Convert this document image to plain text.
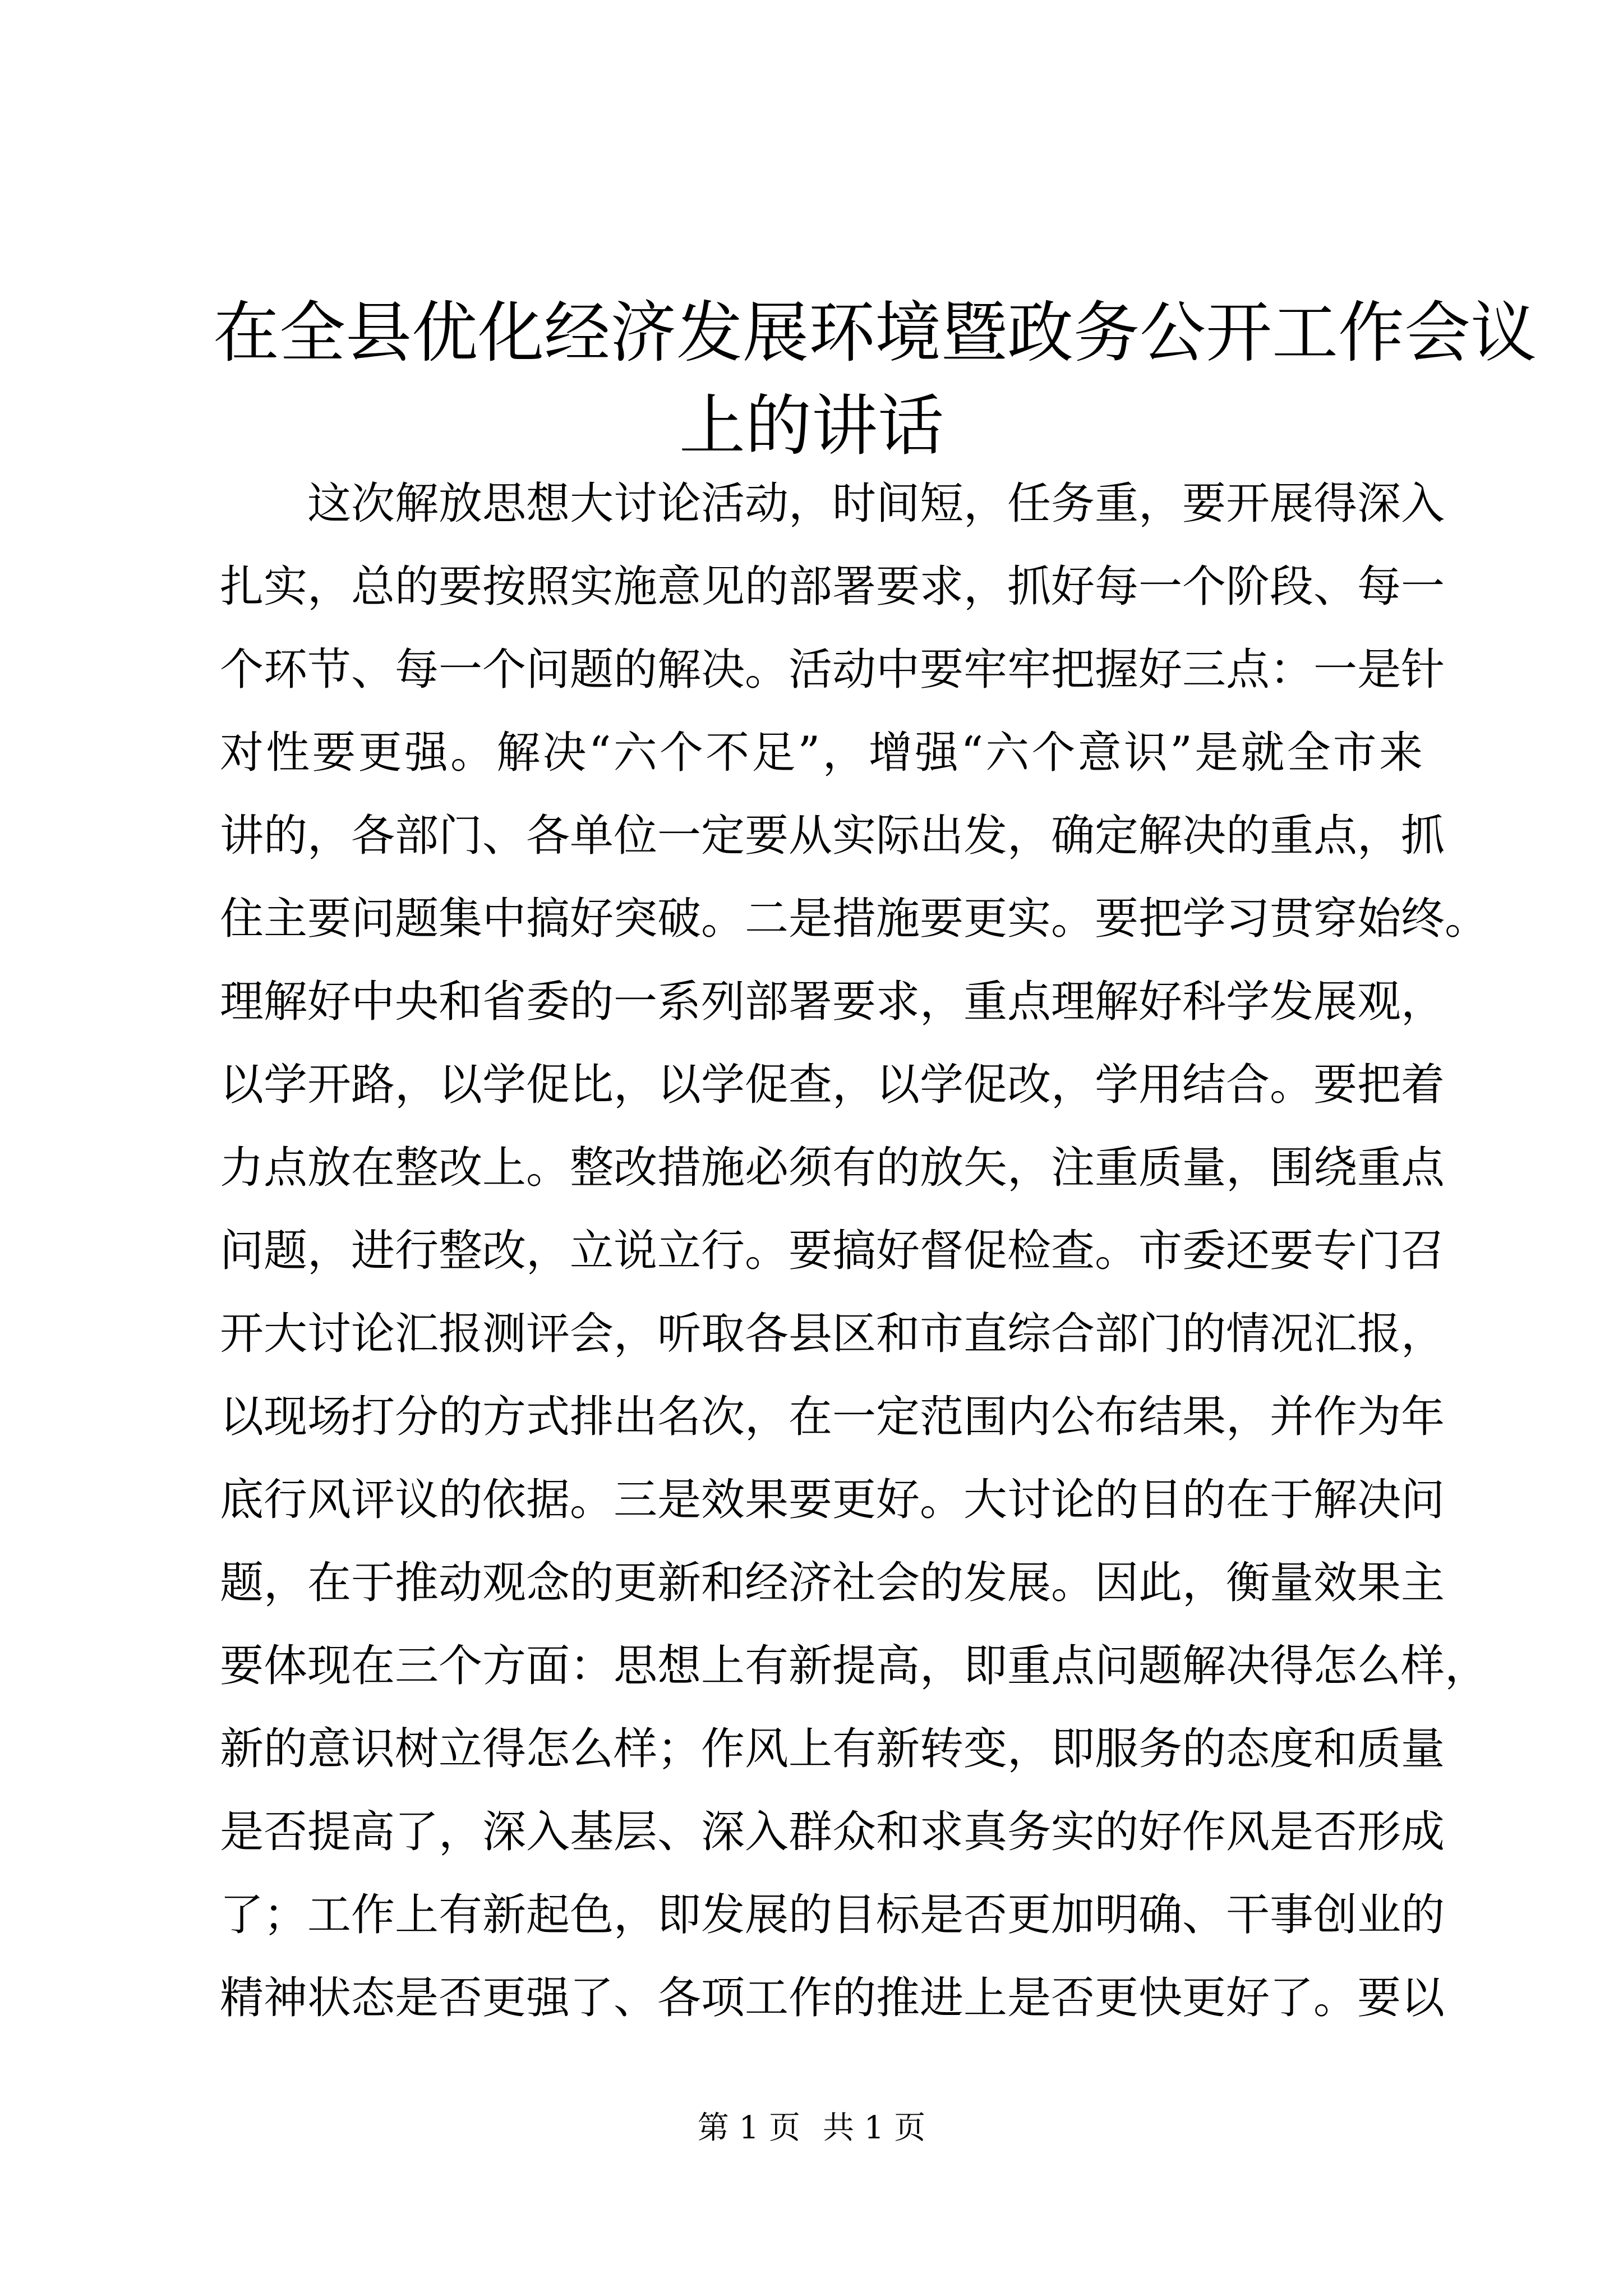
在全县优化经济发展环境暨政务公开工作会议
上的讲话
这次解放思想大讨论活动，时间短，任务重，要开展得深入
扎实，总的要按照实施意见的部署要求，抓好每一个阶段、每一
个环节、每一个问题的解决。活动中要牢牢把握好三点：一是针
对性要更强。解决“六个不足”，增强“六个意识”是就全市来
讲的，各部门、各单位一定要从实际出发，确定解决的重点，抓
住主要问题集中搞好突破。二是措施要更实。要把学习贯穿始终。
理解好中央和省委的一系列部署要求，重点理解好科学发展观，
以学开路，以学促比，以学促查，以学促改，学用结合。要把着
力点放在整改上。整改措施必须有的放矢，注重质量，围绕重点
问题，进行整改，立说立行。要搞好督促检查。市委还要专门召
开大讨论汇报测评会，听取各县区和市直综合部门的情况汇报，
以现场打分的方式排出名次，在一定范围内公布结果，并作为年
底行风评议的依据。三是效果要更好。大讨论的目的在于解决问
题，在于推动观念的更新和经济社会的发展。因此，衡量效果主
要体现在三个方面：思想上有新提高，即重点问题解决得怎么样，
新的意识树立得怎么样；作风上有新转变，即服务的态度和质量
是否提高了，深入基层、深入群众和求真务实的好作风是否形成
了；工作上有新起色，即发展的目标是否更加明确、干事创业的
精神状态是否更强了、各项工作的推进上是否更快更好了。要以
第 1 页 共 1 页
